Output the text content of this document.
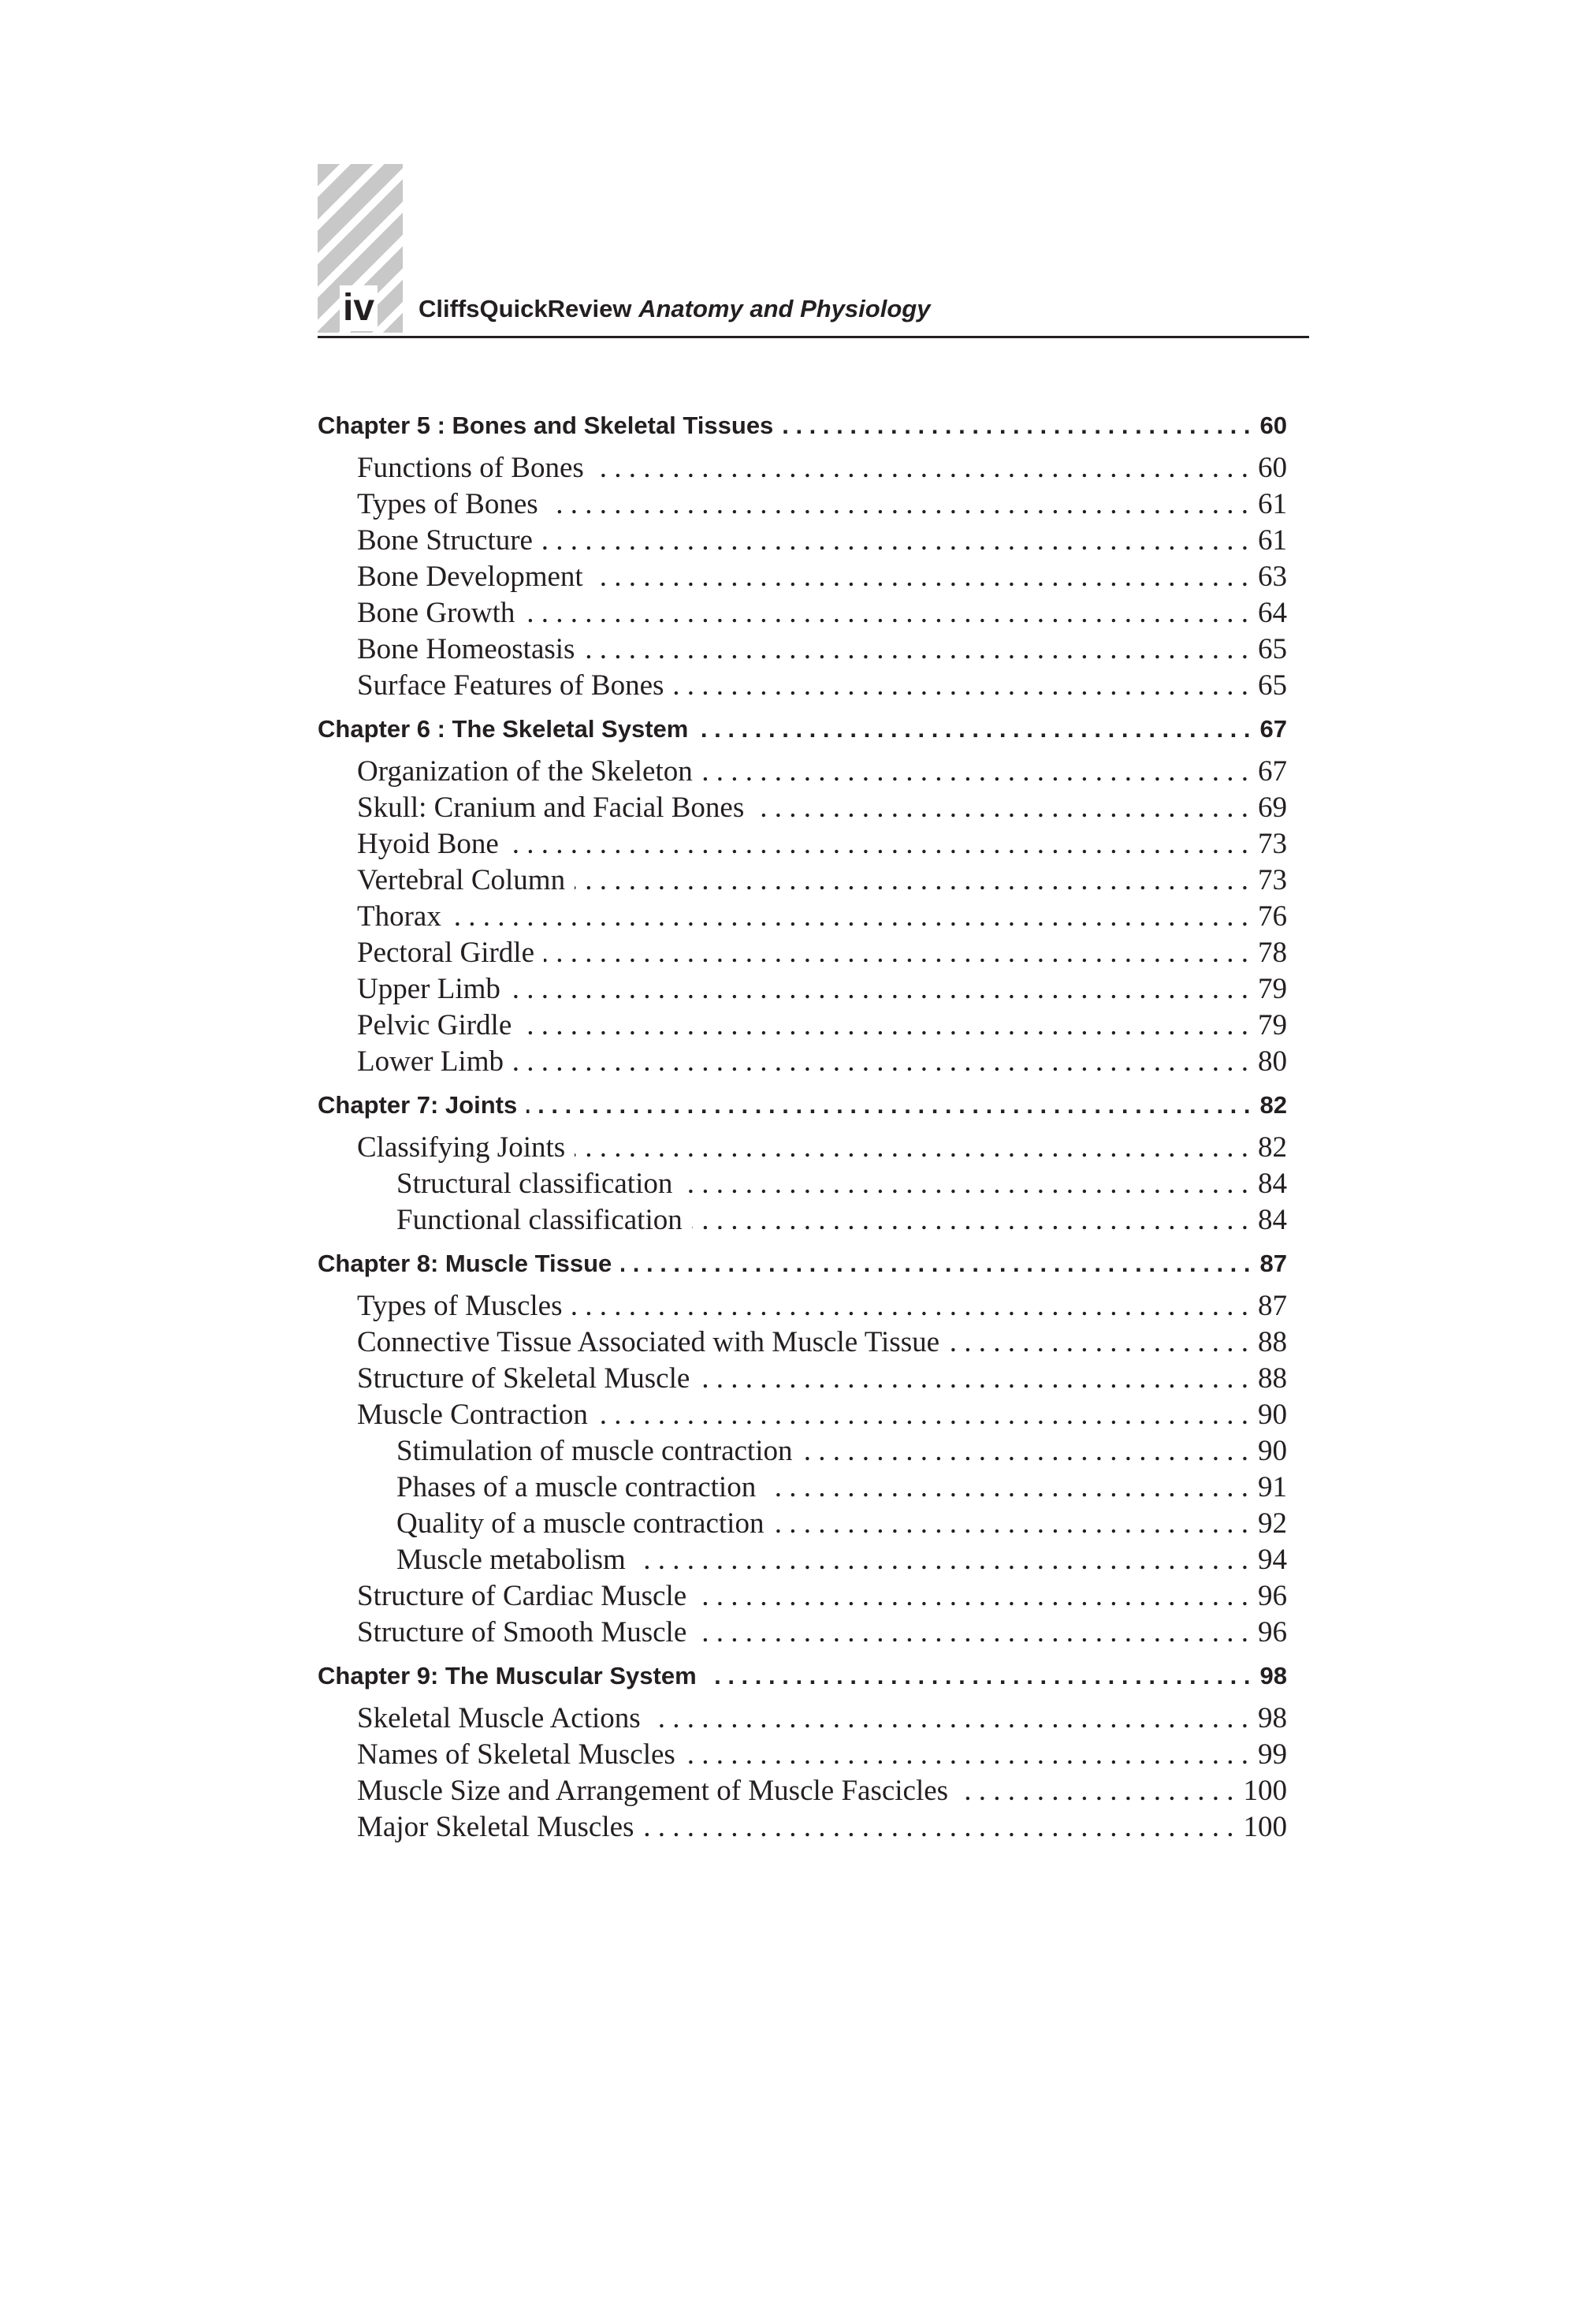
iv CliffsQuickReview Anatomy and Physiology
Chapter 5 : Bones and Skeletal Tissues . . .	60
Functions of Bones . . .	60
Types of Bones . . .	61
Bone Structure . . .	61
Bone Development . . .	63
Bone Growth . . .	64
Bone Homeostasis . . .	65
Surface Features of Bones . . .	65
Chapter 6 : The Skeletal System . . .	67
Organization of the Skeleton . . .	67
Skull: Cranium and Facial Bones . . .	69
Hyoid Bone . . .	73
Vertebral Column . . .	73
Thorax . . .	76
Pectoral Girdle . . .	78
Upper Limb . . .	79
Pelvic Girdle . . .	79
Lower Limb . . .	80
Chapter 7: Joints . . .	82
Classifying Joints . . .	82
Structural classification . . .	84
Functional classification . . .	84
Chapter 8: Muscle Tissue . . .	87
Types of Muscles . . .	87
Connective Tissue Associated with Muscle Tissue . . .	88
Structure of Skeletal Muscle . . .	88
Muscle Contraction . . .	90
Stimulation of muscle contraction . . .	90
Phases of a muscle contraction . . .	91
Quality of a muscle contraction . . .	92
Muscle metabolism . . .	94
Structure of Cardiac Muscle . . .	96
Structure of Smooth Muscle . . .	96
Chapter 9: The Muscular System . . .	98
Skeletal Muscle Actions . . .	98
Names of Skeletal Muscles . . .	99
Muscle Size and Arrangement of Muscle Fascicles . . .	100
Major Skeletal Muscles . . .	100
